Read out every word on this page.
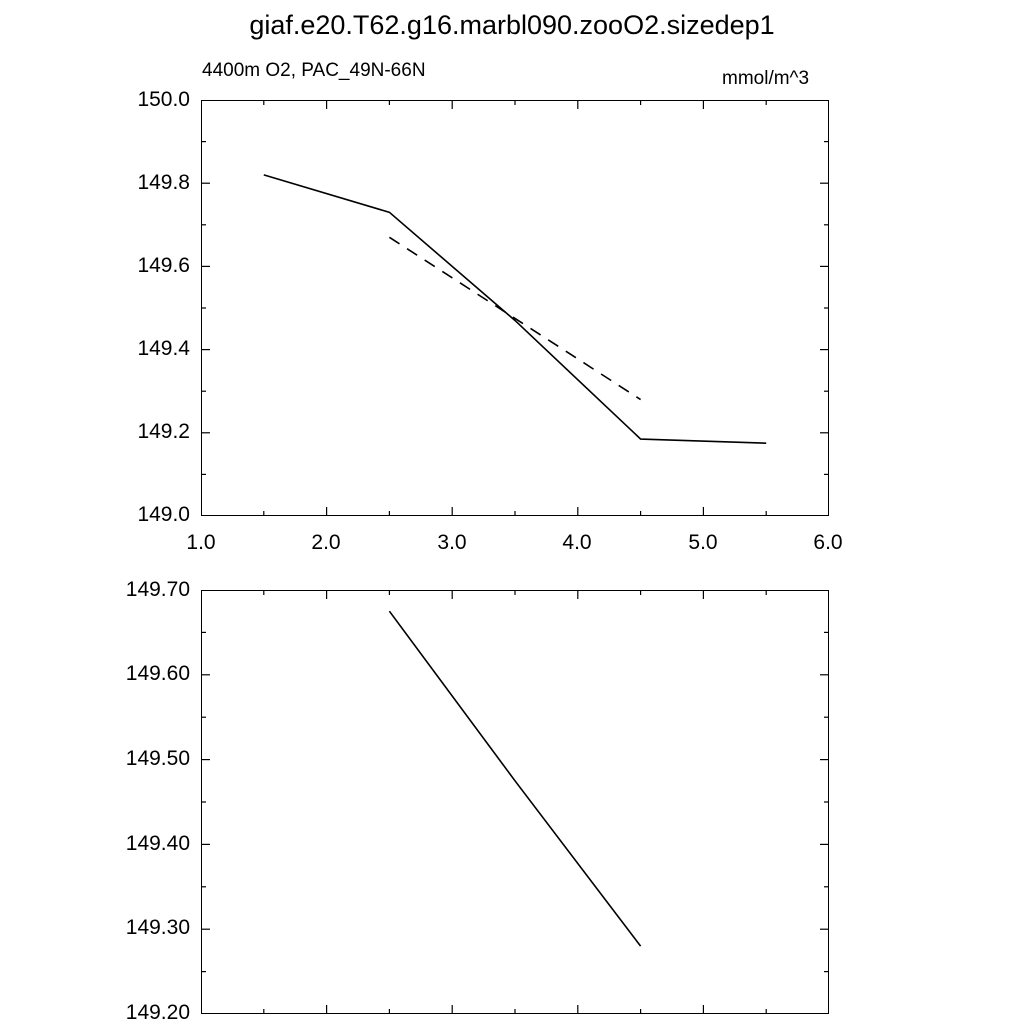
giaf.e20.T62.g16.marbl090.zooO2.sizedep1
4400m O2, PAC_49N-66N	mmol/m^3
150.0
149.8
149.6
149.4
149.2
149.0
1.0	2.0	3.0	4.0	5.0	6.0
149.70
149.60
149.50
149.40
149.30
149.20
